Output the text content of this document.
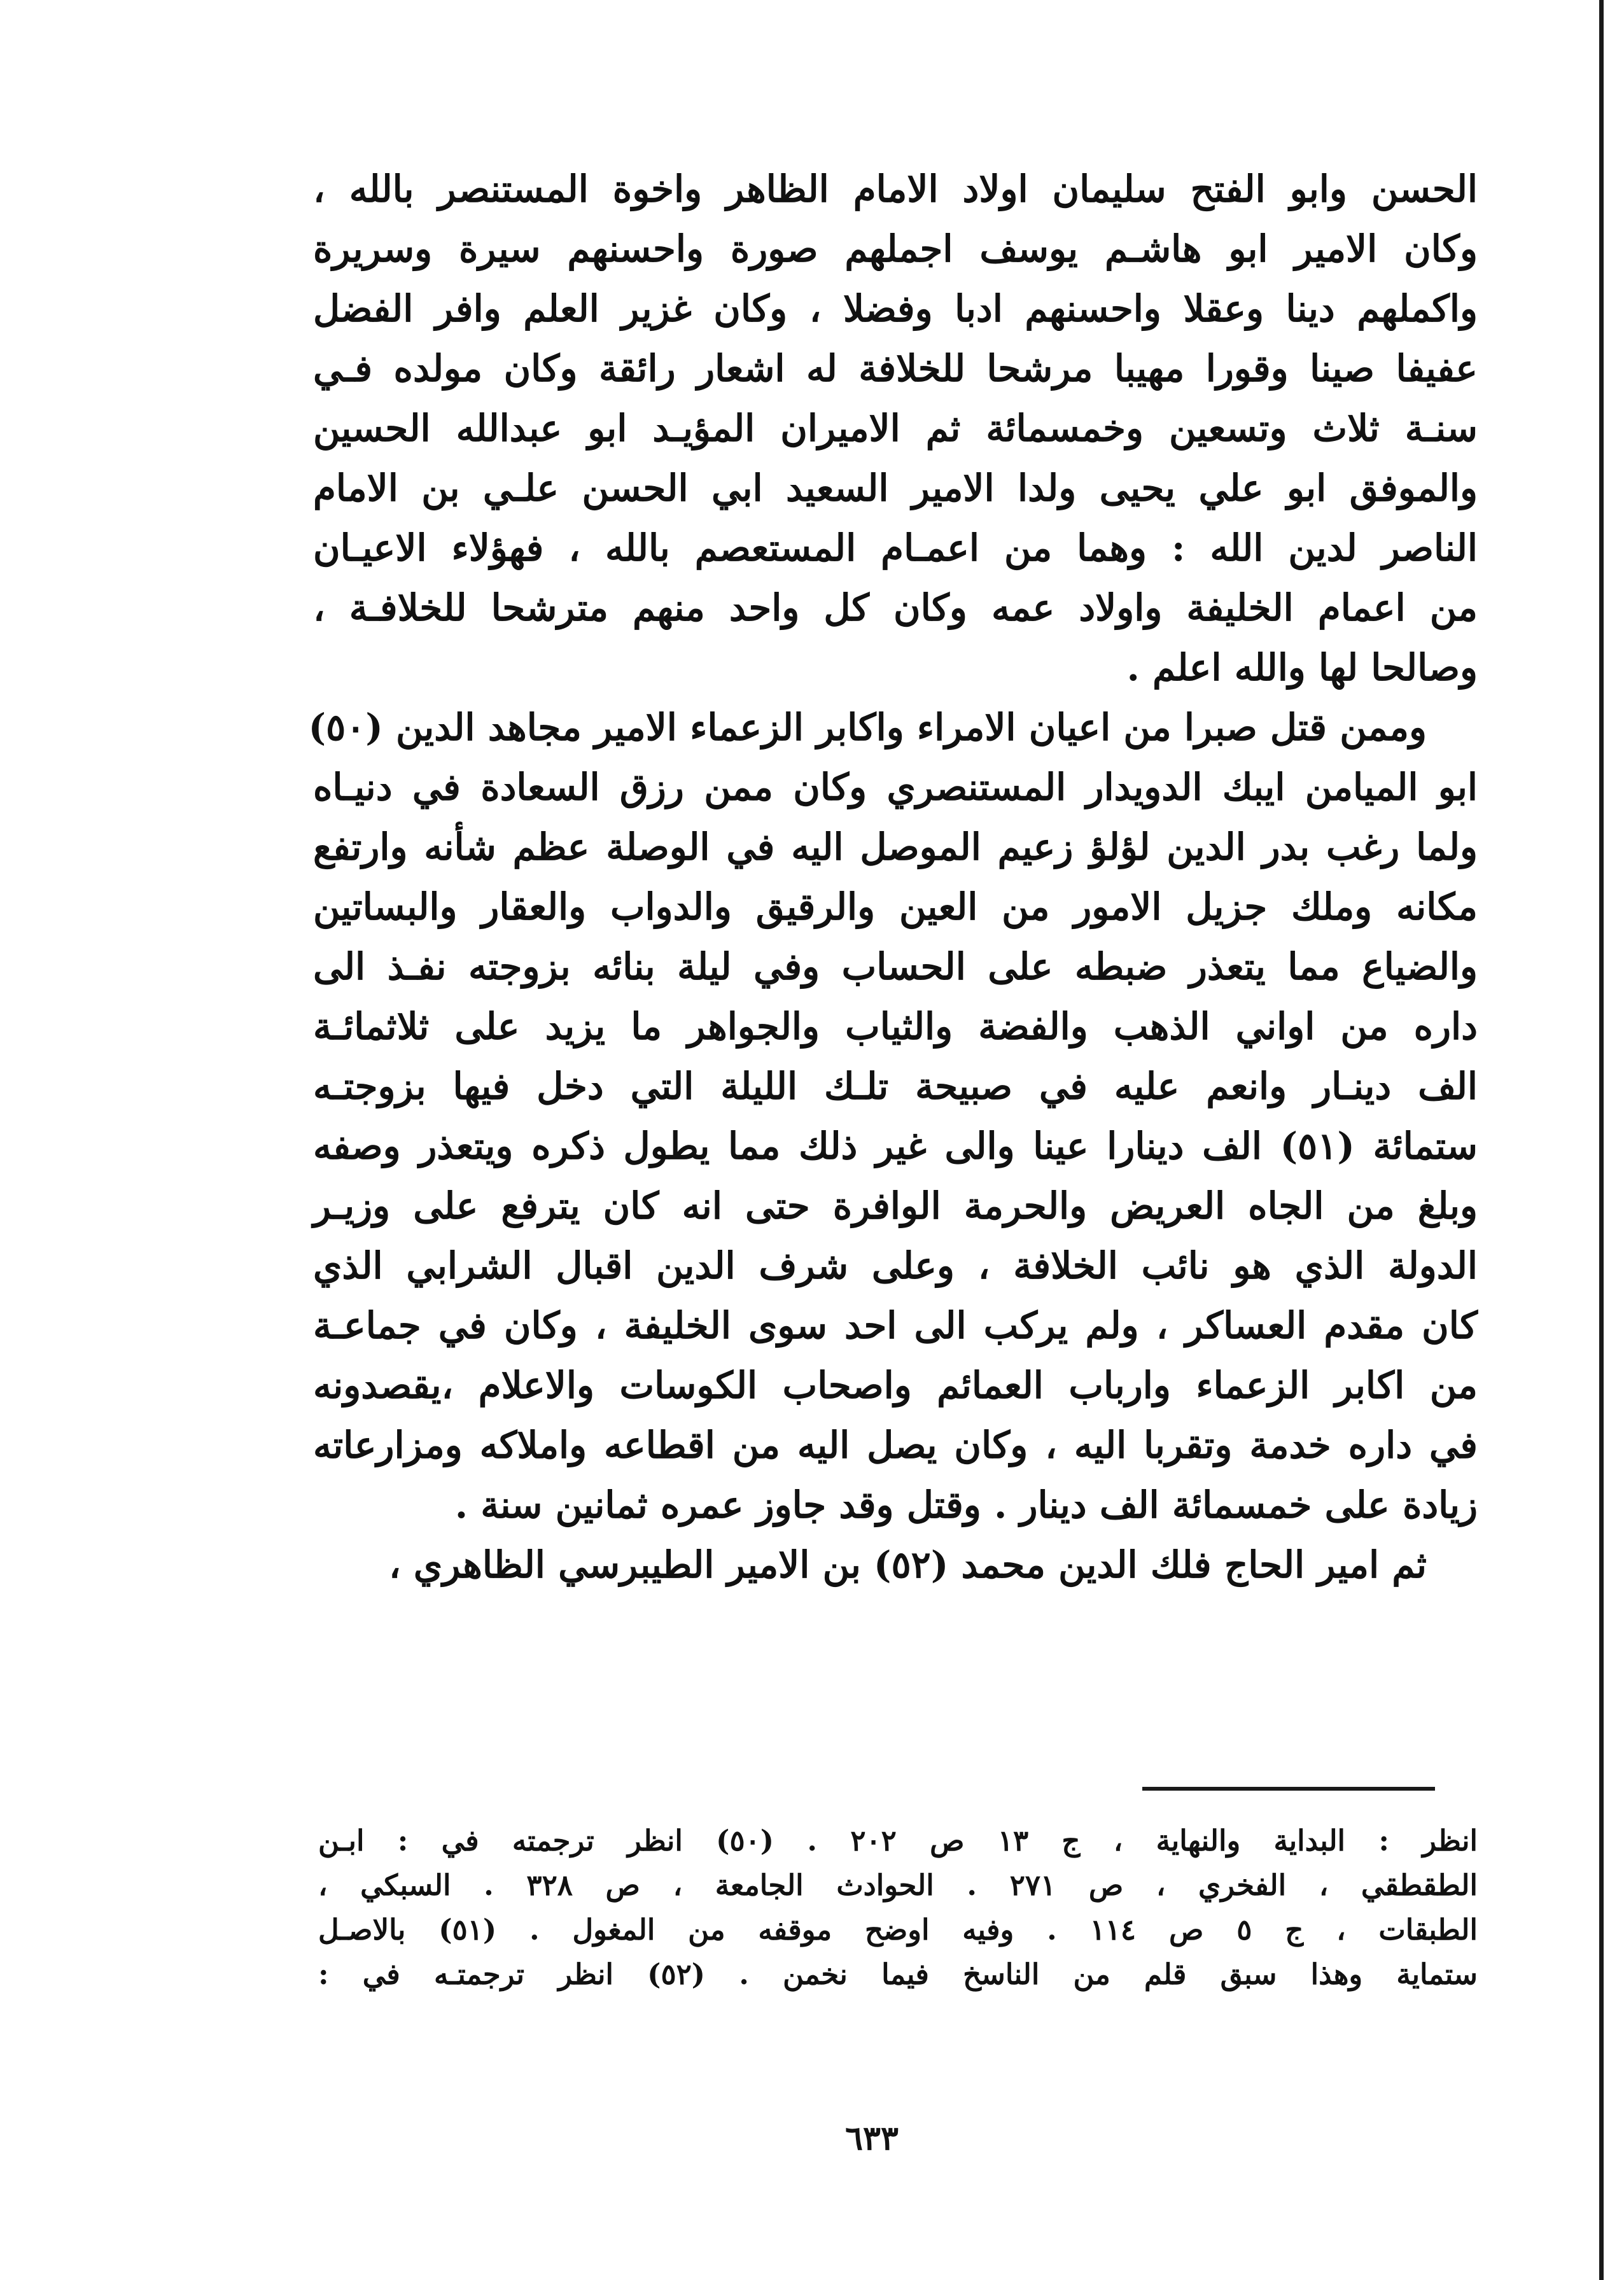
الحسن وابو الفتح سليمان اولاد الامام الظاهر واخوة المستنصر بالله ،
وكان الامير ابو هاشـم يوسف اجملهم صورة واحسنهم سيرة وسريرة
واكملهم دينا وعقلا واحسنهم ادبا وفضلا ، وكان غزير العلم وافر الفضل
عفيفا صينا وقورا مهيبا مرشحا للخلافة له اشعار رائقة وكان مولده فـي
سنـة ثلاث وتسعين وخمسمائة ثم الاميران المؤيـد ابو عبدالله الحسين
والموفق ابو علي يحيى ولدا الامير السعيد ابي الحسن علـي بن الامام
الناصر لدين الله : وهما من اعمـام المستعصم بالله ، فهؤلاء الاعيـان
من اعمام الخليفة واولاد عمه وكان كل واحد منهم مترشحا للخلافـة ،
وصالحا لها والله اعلم .
وممن قتل صبرا من اعيان الامراء واكابر الزعماء الامير مجاهد الدين (٥٠)
ابو الميامن ايبك الدويدار المستنصري وكان ممن رزق السعادة في دنيـاه
ولما رغب بدر الدين لؤلؤ زعيم الموصل اليه في الوصلة عظم شأنه وارتفع
مكانه وملك جزيل الامور من العين والرقيق والدواب والعقار والبساتين
والضياع مما يتعذر ضبطه على الحساب وفي ليلة بنائه بزوجته نفـذ الى
داره من اواني الذهب والفضة والثياب والجواهر ما يزيد على ثلاثمائـة
الف دينـار وانعم عليه في صبيحة تلـك الليلة التي دخل فيها بزوجتـه
ستمائة (٥١) الف دينارا عينا والى غير ذلك مما يطول ذكره ويتعذر وصفه
وبلغ من الجاه العريض والحرمة الوافرة حتى انه كان يترفع على وزيـر
الدولة الذي هو نائب الخلافة ، وعلى شرف الدين اقبال الشرابي الذي
كان مقدم العساكر ، ولم يركب الى احد سوى الخليفة ، وكان في جماعـة
من اكابر الزعماء وارباب العمائم واصحاب الكوسات والاعلام ،يقصدونه
في داره خدمة وتقربا اليه ، وكان يصل اليه من اقطاعه واملاكه ومزارعاته
زيادة على خمسمائة الف دينار . وقتل وقد جاوز عمره ثمانين سنة .
ثم امير الحاج فلك الدين محمد (٥٢) بن الامير الطيبرسي الظاهري ،
انظر : البداية والنهاية ، ج ١٣ ص ٢٠٢ . (٥٠) انظر ترجمته في : ابـن
الطقطقي ، الفخري ، ص ٢٧١ . الحوادث الجامعة ، ص ٣٢٨ . السبكي ،
الطبقات ، ج ٥ ص ١١٤ . وفيه اوضح موقفه من المغول . (٥١) بالاصـل
ستماية وهذا سبق قلم من الناسخ فيما نخمن . (٥٢) انظر ترجمتـه في :
٦٣٣
